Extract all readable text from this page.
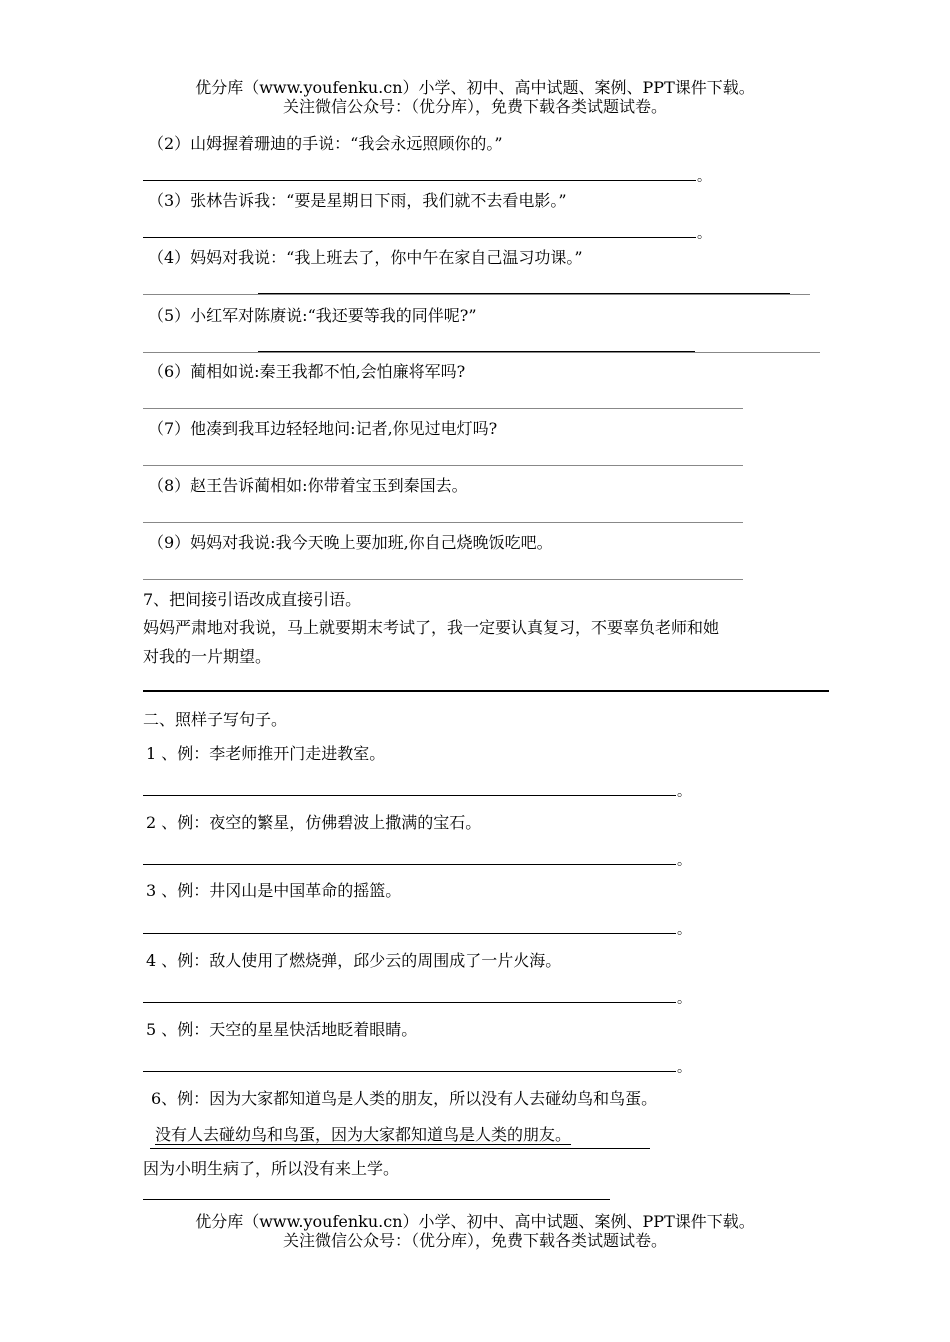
优分库（www.youfenku.cn）小学、初中、高中试题、案例、PPT课件下载。
关注微信公众号：（优分库），免费下载各类试题试卷。
（2）山姆握着珊迪的手说：“我会永远照顾你的。”
。
（3）张林告诉我：“要是星期日下雨，我们就不去看电影。”
。
（4）妈妈对我说：“我上班去了，你中午在家自己温习功课。”
（5）小红军对陈赓说:“我还要等我的同伴呢?”
（6）蔺相如说:秦王我都不怕,会怕廉将军吗?
（7）他凑到我耳边轻轻地问:记者,你见过电灯吗?
（8）赵王告诉蔺相如:你带着宝玉到秦国去。
（9）妈妈对我说:我今天晚上要加班,你自己烧晚饭吃吧。
7、把间接引语改成直接引语。
妈妈严肃地对我说，马上就要期末考试了，我一定要认真复习，不要辜负老师和她
对我的一片期望。
二、照样子写句子。
1 、例：李老师推开门走进教室。
。
2 、例：夜空的繁星，仿佛碧波上撒满的宝石。
。
3 、例：井冈山是中国革命的摇篮。
。
4 、例：敌人使用了燃烧弹，邱少云的周围成了一片火海。
。
5 、例：天空的星星快活地眨着眼睛。
。
6、例：因为大家都知道鸟是人类的朋友，所以没有人去碰幼鸟和鸟蛋。
没有人去碰幼鸟和鸟蛋，因为大家都知道鸟是人类的朋友。
因为小明生病了，所以没有来上学。
优分库（www.youfenku.cn）小学、初中、高中试题、案例、PPT课件下载。
关注微信公众号：（优分库），免费下载各类试题试卷。
